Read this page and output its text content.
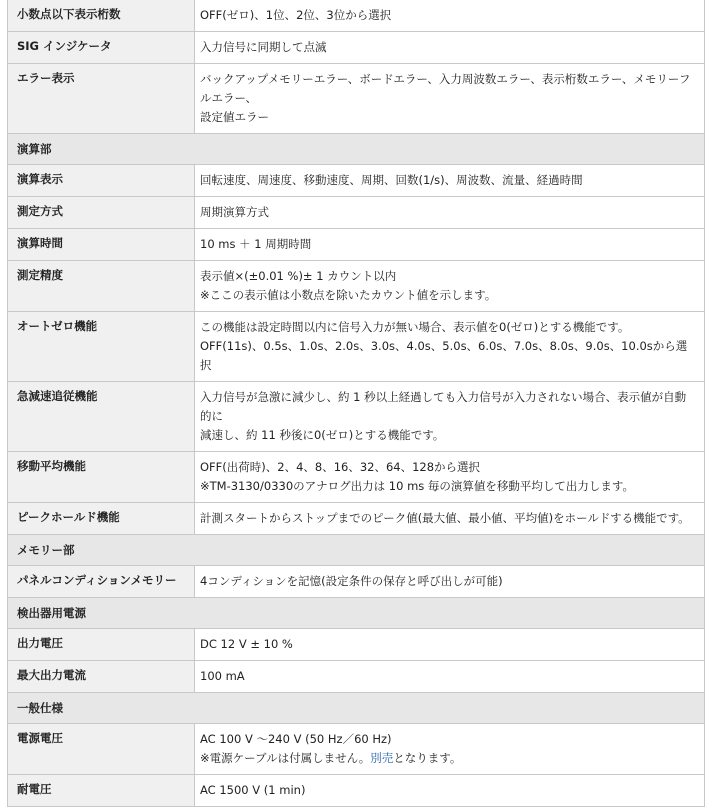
小数点以下表示桁数	OFF(ゼロ)、1位、2位、3位から選択

SIG インジケータ	入力信号に同期して点滅

エラー表示	バックアップメモリーエラー、ボードエラー、入力周波数エラー、表示桁数エラー、メモリーフルエラー、
設定値エラー

演算部	
演算表示	回転速度、周速度、移動速度、周期、回数(1/s)、周波数、流量、経過時間

測定方式	周期演算方式

演算時間	10 ms ＋ 1 周期時間

測定精度	表示値×(±0.01 %)± 1 カウント以内
※ここの表示値は小数点を除いたカウント値を示します。

オートゼロ機能	この機能は設定時間以内に信号入力が無い場合、表示値を0(ゼロ)とする機能です。
OFF(11s)、0.5s、1.0s、2.0s、3.0s、4.0s、5.0s、6.0s、7.0s、8.0s、9.0s、10.0sから選択

急減速追従機能	入力信号が急激に減少し、約 1 秒以上経過しても入力信号が入力されない場合、表示値が自動的に
減速し、約 11 秒後に0(ゼロ)とする機能です。

移動平均機能	OFF(出荷時)、2、4、8、16、32、64、128から選択
※TM-3130/0330のアナログ出力は 10 ms 毎の演算値を移動平均して出力します。

ピークホールド機能	計測スタートからストップまでのピーク値(最大値、最小値、平均値)をホールドする機能です。

メモリー部	
パネルコンディションメモリー	4コンディションを記憶(設定条件の保存と呼び出しが可能)

検出器用電源	
出力電圧	DC 12 V ± 10 %

最大出力電流	100 mA

一般仕様	
電源電圧	AC 100 V 〜240 V (50 Hz／60 Hz)
※電源ケーブルは付属しません。別売となります。

耐電圧	AC 1500 V (1 min)
